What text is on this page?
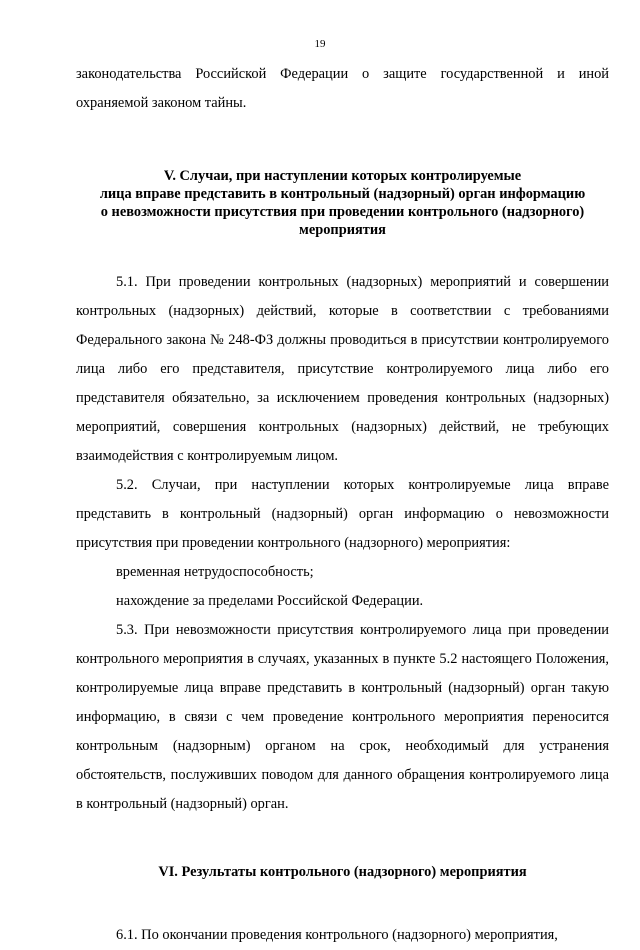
19

законодательства Российской Федерации о защите государственной и иной охраняемой законом тайны.

V. Случаи, при наступлении которых контролируемые
лица вправе представить в контрольный (надзорный) орган информацию
о невозможности присутствия при проведении контрольного (надзорного)
мероприятия

5.1. При проведении контрольных (надзорных) мероприятий и совершении контрольных (надзорных) действий, которые в соответствии с требованиями Федерального закона № 248-ФЗ должны проводиться в присутствии контролируемого лица либо его представителя, присутствие контролируемого лица либо его представителя обязательно, за исключением проведения контрольных (надзорных) мероприятий, совершения контрольных (надзорных) действий, не требующих взаимодействия с контролируемым лицом.

5.2. Случаи, при наступлении которых контролируемые лица вправе представить в контрольный (надзорный) орган информацию о невозможности присутствия при проведении контрольного (надзорного) мероприятия:

временная нетрудоспособность;

нахождение за пределами Российской Федерации.

5.3. При невозможности присутствия контролируемого лица при проведении контрольного мероприятия в случаях, указанных в пункте 5.2 настоящего Положения, контролируемые лица вправе представить в контрольный (надзорный) орган такую информацию, в связи с чем проведение контрольного мероприятия переносится контрольным (надзорным) органом на срок, необходимый для устранения обстоятельств, послуживших поводом для данного обращения контролируемого лица в контрольный (надзорный) орган.

VI. Результаты контрольного (надзорного) мероприятия

6.1. По окончании проведения контрольного (надзорного) мероприятия,
